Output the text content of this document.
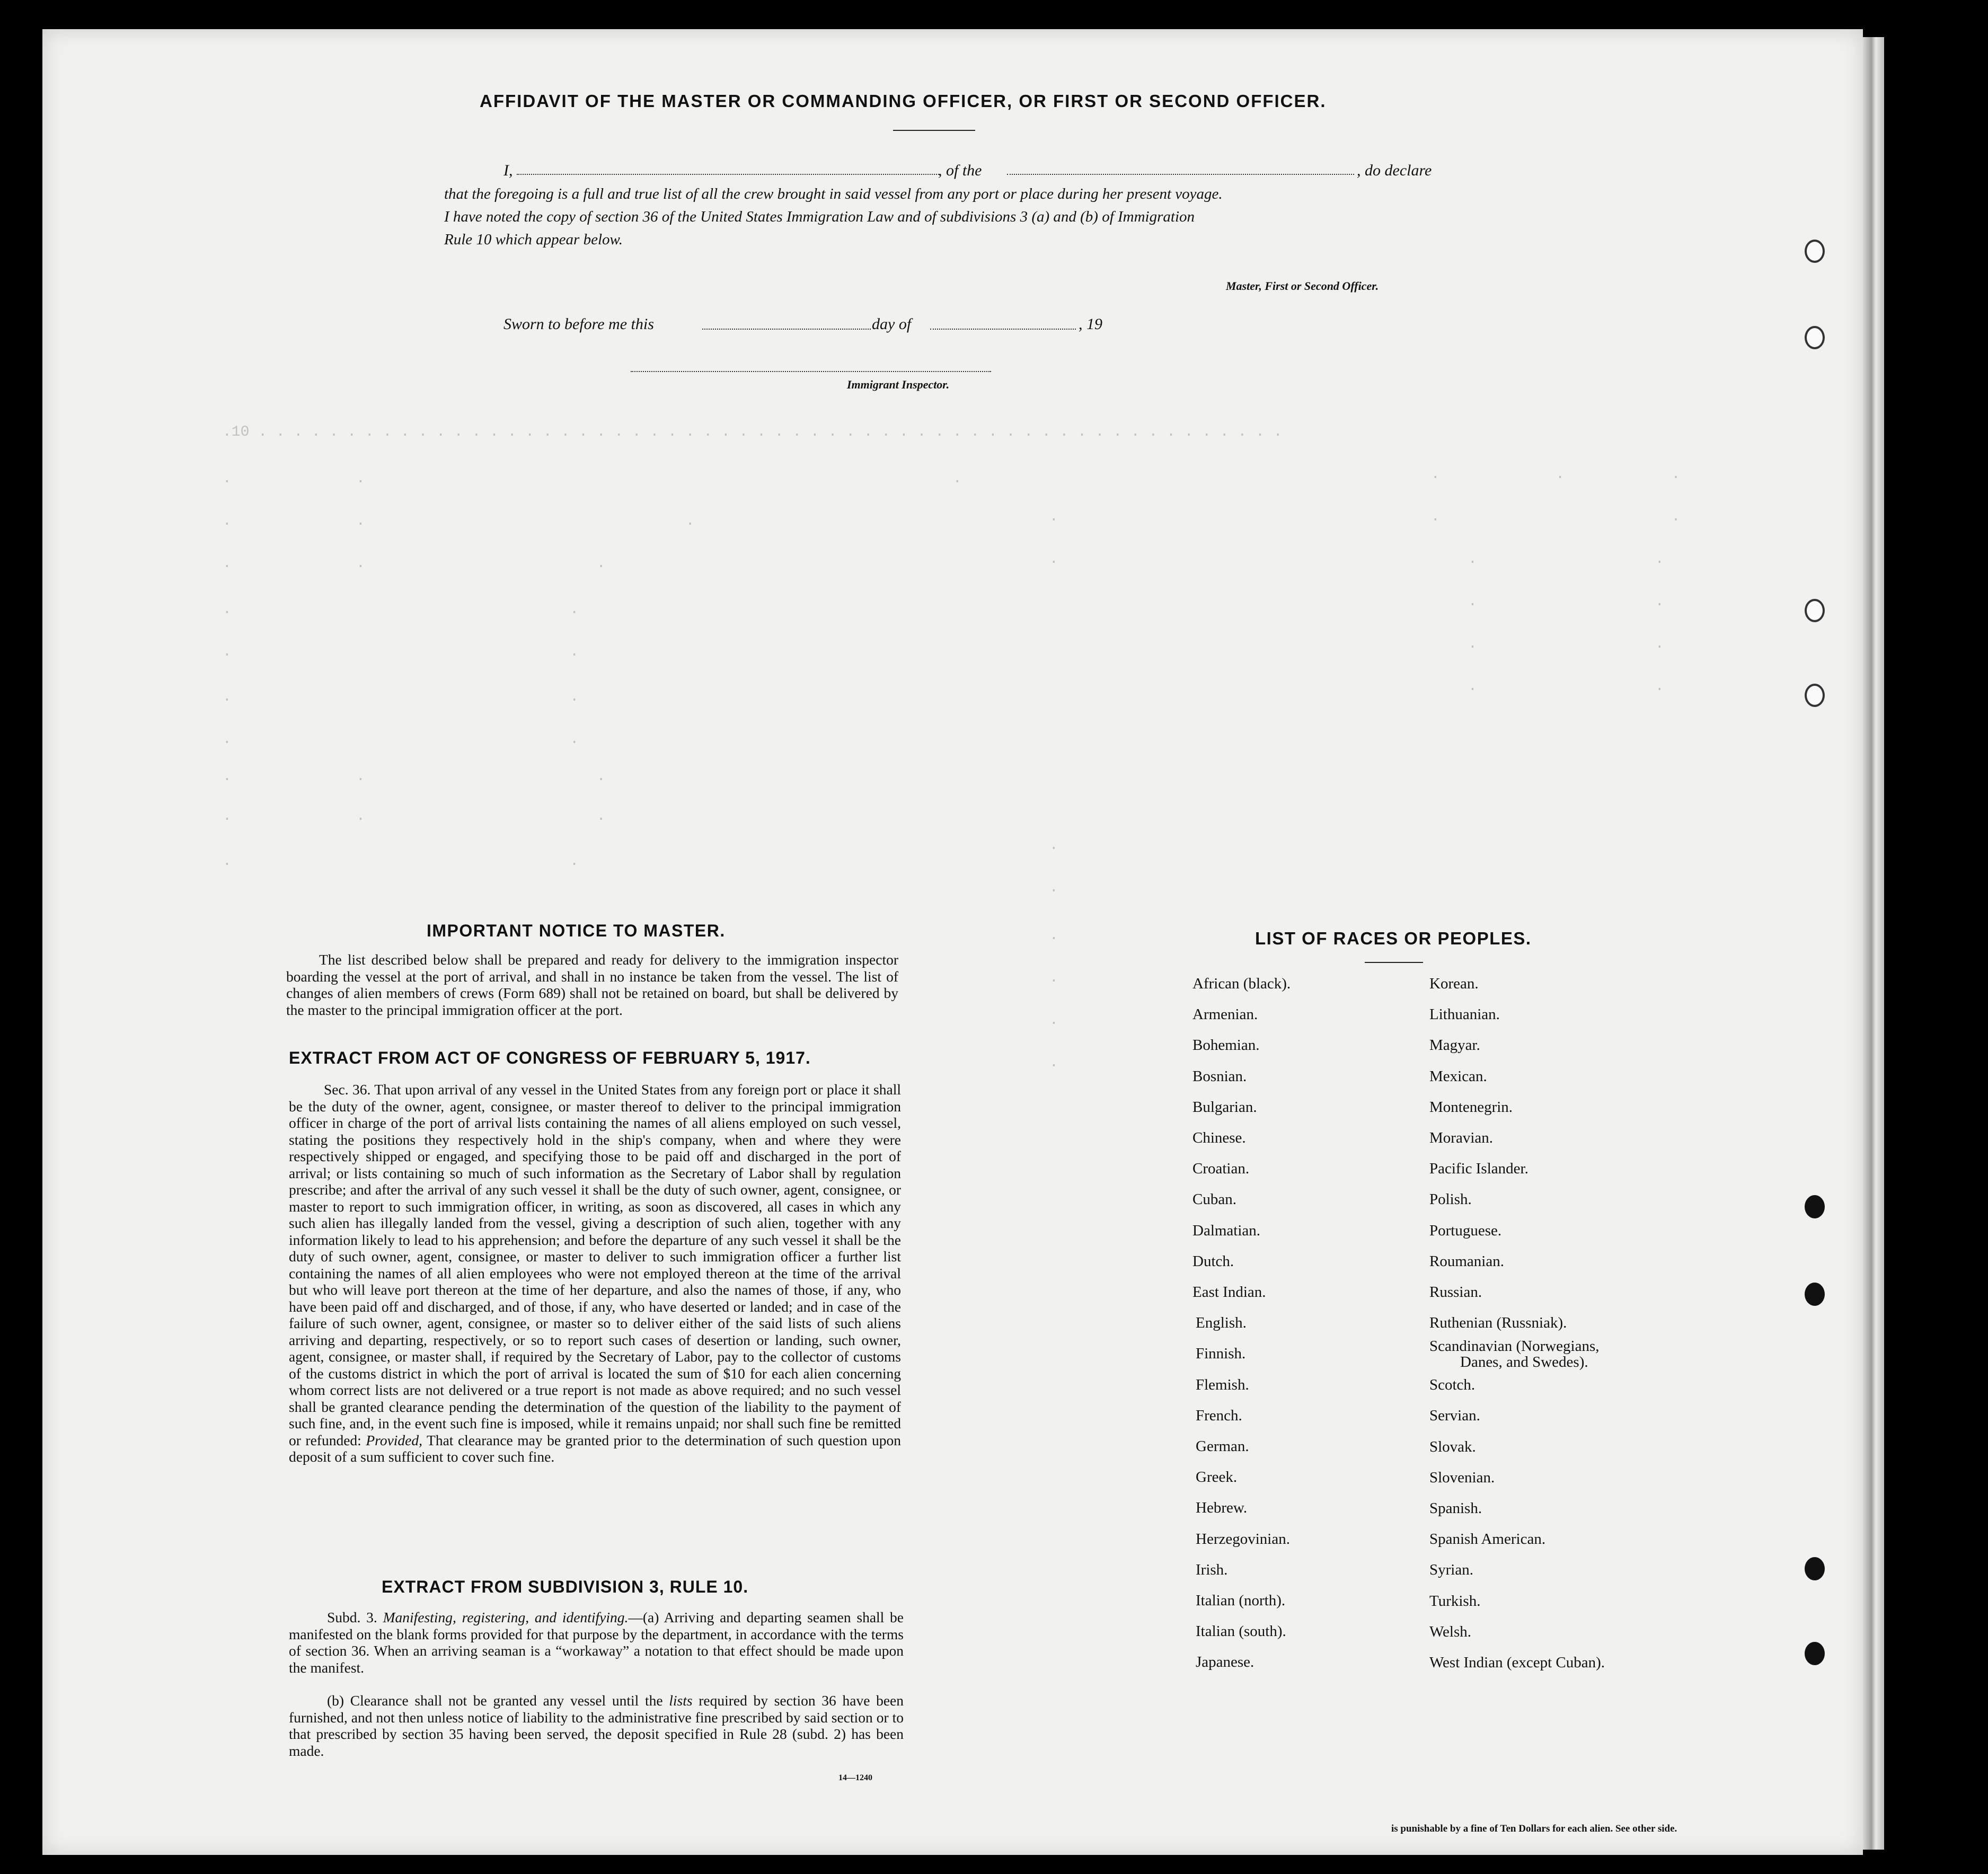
.10 . . . . . . . . . . . . . . . . . . . . . . . . . . . . . . . . . . . . . . . . . . . . . . . . . . . . . . . . . .
.              .                                                                  .
.              .                                    .
.              .                          .
.                                      .
.                                      .
.                                      .
.                                      .
.              .                          .
.              .                          .
.                                      .
.             .            .
.                          .
.                    .
.                    .
.                    .
.                    .
.
.
.
.
.
.
.
.
AFFIDAVIT OF THE MASTER OR COMMANDING OFFICER, OR FIRST OR SECOND OFFICER.
I,	, of the	, do declare
that the foregoing is a full and true list of all the crew brought in said vessel from any port or place during her present voyage.
I have noted the copy of section 36 of the United States Immigration Law and of subdivisions 3 (a) and (b) of Immigration
Rule 10 which appear below.
Master, First or Second Officer.
Sworn to before me this	day of	, 19
Immigrant Inspector.
IMPORTANT NOTICE TO MASTER.

The list described below shall be prepared and ready for delivery to the immigration inspector boarding the vessel at the port of arrival, and shall in no instance be taken from the vessel. The list of changes of alien members of crews (Form 689) shall not be retained on board, but shall be delivered by the master to the principal immigration officer at the port.

EXTRACT FROM ACT OF CONGRESS OF FEBRUARY 5, 1917.

Sec. 36. That upon arrival of any vessel in the United States from any foreign port or place it shall be the duty of the owner, agent, consignee, or master thereof to deliver to the principal immigration officer in charge of the port of arrival lists containing the names of all aliens employed on such vessel, stating the positions they respectively hold in the ship's company, when and where they were respectively shipped or engaged, and specifying those to be paid off and discharged in the port of arrival; or lists containing so much of such information as the Secretary of Labor shall by regulation prescribe; and after the arrival of any such vessel it shall be the duty of such owner, agent, consignee, or master to report to such immigration officer, in writing, as soon as discovered, all cases in which any such alien has illegally landed from the vessel, giving a description of such alien, together with any information likely to lead to his apprehension; and before the departure of any such vessel it shall be the duty of such owner, agent, consignee, or master to deliver to such immigration officer a further list containing the names of all alien employees who were not employed thereon at the time of the arrival but who will leave port thereon at the time of her departure, and also the names of those, if any, who have been paid off and discharged, and of those, if any, who have deserted or landed; and in case of the failure of such owner, agent, consignee, or master so to deliver either of the said lists of such aliens arriving and departing, respectively, or so to report such cases of desertion or landing, such owner, agent, consignee, or master shall, if required by the Secretary of Labor, pay to the collector of customs of the customs district in which the port of arrival is located the sum of $10 for each alien concerning whom correct lists are not delivered or a true report is not made as above required; and no such vessel shall be granted clearance pending the determination of the question of the liability to the payment of such fine, and, in the event such fine is imposed, while it remains unpaid; nor shall such fine be remitted or refunded: Provided, That clearance may be granted prior to the determination of such question upon deposit of a sum sufficient to cover such fine.

EXTRACT FROM SUBDIVISION 3, RULE 10.

Subd. 3. Manifesting, registering, and identifying.—(a) Arriving and departing seamen shall be manifested on the blank forms provided for that purpose by the department, in accordance with the terms of section 36. When an arriving seaman is a “workaway” a notation to that effect should be made upon the manifest.

(b) Clearance shall not be granted any vessel until the lists required by section 36 have been furnished, and not then unless notice of liability to the administrative fine prescribed by said section or to that prescribed by section 35 having been served, the deposit specified in Rule 28 (subd. 2) has been made.

14—1240
LIST OF RACES OR PEOPLES.
African (black).
Armenian.
Bohemian.
Bosnian.
Bulgarian.
Chinese.
Croatian.
Cuban.
Dalmatian.
Dutch.
East Indian.
English.
Finnish.
Flemish.
French.
German.
Greek.
Hebrew.
Herzegovinian.
Irish.
Italian (north).
Italian (south).
Japanese.
Korean.
Lithuanian.
Magyar.
Mexican.
Montenegrin.
Moravian.
Pacific Islander.
Polish.
Portuguese.
Roumanian.
Russian.
Ruthenian (Russniak).
Scandinavian (Norwegians,
Danes, and Swedes).
Scotch.
Servian.
Slovak.
Slovenian.
Spanish.
Spanish American.
Syrian.
Turkish.
Welsh.
West Indian (except Cuban).
is punishable by a fine of Ten Dollars for each alien. See other side.
